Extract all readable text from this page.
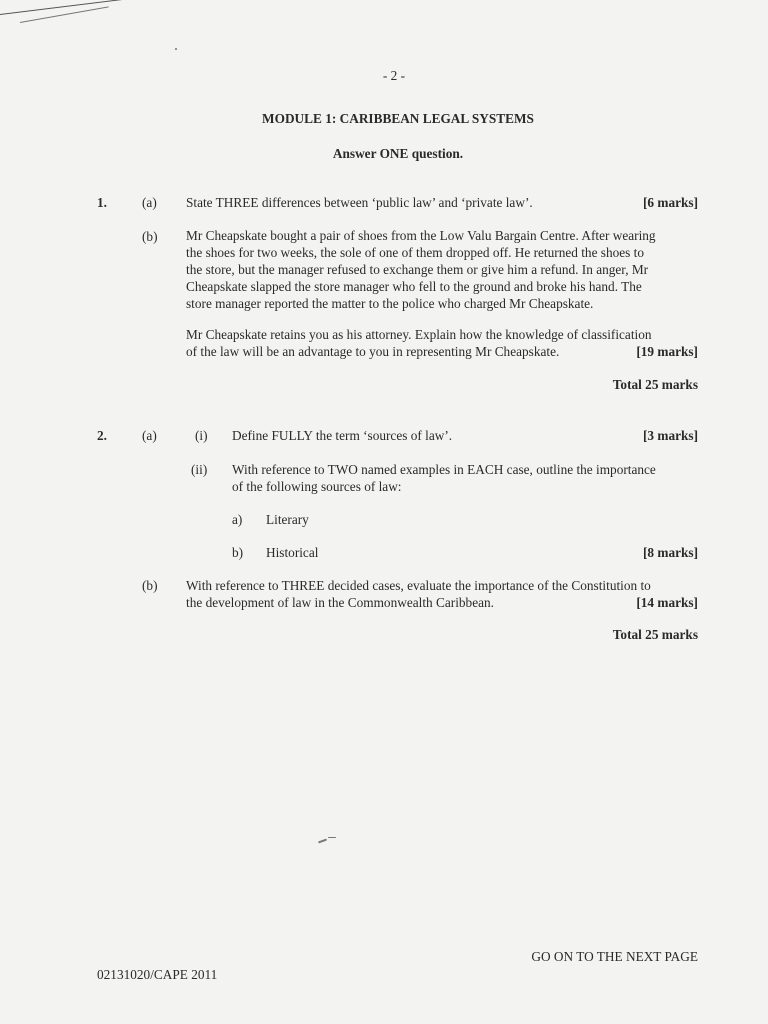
- 2 -
MODULE 1: CARIBBEAN LEGAL SYSTEMS
Answer ONE question.
1.	(a) State THREE differences between ‘public law’ and ‘private law’.	[6 marks]
(b) Mr Cheapskate bought a pair of shoes from the Low Valu Bargain Centre. After wearing
the shoes for two weeks, the sole of one of them dropped off. He returned the shoes to
the store, but the manager refused to exchange them or give him a refund. In anger, Mr
Cheapskate slapped the store manager who fell to the ground and broke his hand. The
store manager reported the matter to the police who charged Mr Cheapskate.
Mr Cheapskate retains you as his attorney. Explain how the knowledge of classification
of the law will be an advantage to you in representing Mr Cheapskate.	[19 marks]
Total 25 marks
2.	(a)	(i) Define FULLY the term ‘sources of law’.	[3 marks]
(ii) With reference to TWO named examples in EACH case, outline the importance
of the following sources of law:
a) Literary
b) Historical	[8 marks]
(b) With reference to THREE decided cases, evaluate the importance of the Constitution to
the development of law in the Commonwealth Caribbean.	[14 marks]
Total 25 marks
GO ON TO THE NEXT PAGE
02131020/CAPE 2011
